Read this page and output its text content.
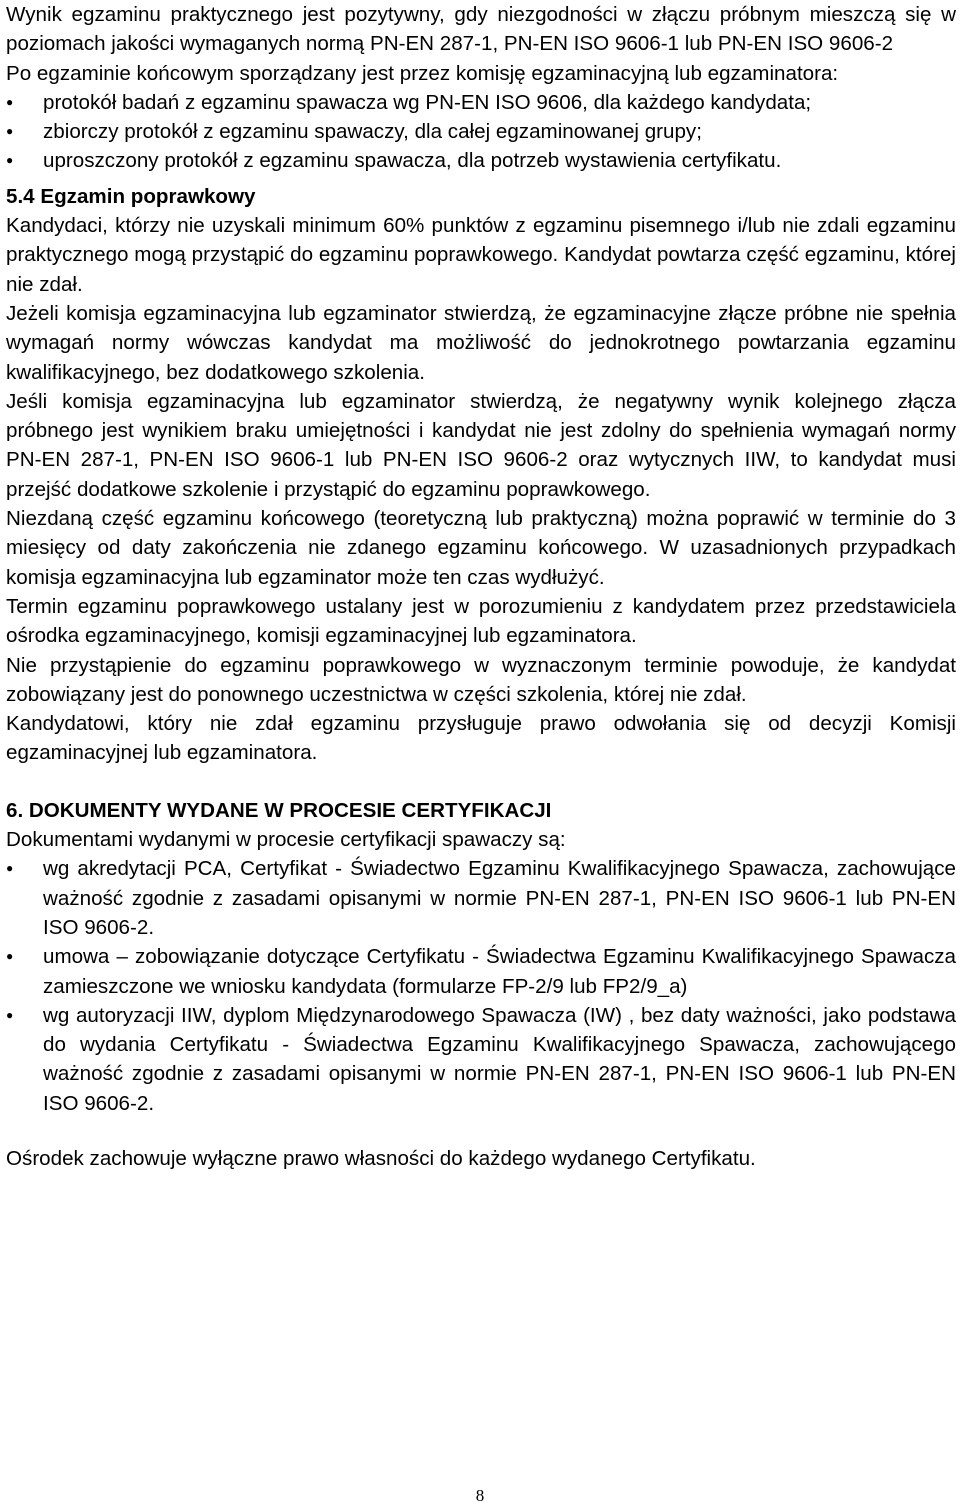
Wynik egzaminu praktycznego jest pozytywny, gdy niezgodności w złączu próbnym mieszczą się w poziomach jakości wymaganych normą PN-EN 287-1, PN-EN ISO 9606-1 lub PN-EN ISO 9606-2

Po egzaminie końcowym sporządzany jest przez komisję egzaminacyjną lub egzaminatora:

●	protokół badań z egzaminu spawacza wg PN-EN ISO 9606, dla każdego kandydata;
●	zbiorczy protokół z egzaminu spawaczy, dla całej egzaminowanej grupy;
●	uproszczony protokół z egzaminu spawacza, dla potrzeb wystawienia certyfikatu.

5.4 Egzamin poprawkowy

Kandydaci, którzy nie uzyskali minimum 60% punktów z egzaminu pisemnego i/lub nie zdali egzaminu praktycznego mogą przystąpić do egzaminu poprawkowego. Kandydat powtarza część egzaminu, której nie zdał.

Jeżeli komisja egzaminacyjna lub egzaminator stwierdzą, że egzaminacyjne złącze próbne nie spełnia wymagań normy wówczas kandydat ma możliwość do jednokrotnego powtarzania egzaminu kwalifikacyjnego, bez dodatkowego szkolenia.

Jeśli komisja egzaminacyjna lub egzaminator stwierdzą, że negatywny wynik kolejnego złącza próbnego jest wynikiem braku umiejętności i kandydat nie jest zdolny do spełnienia wymagań normy PN-EN 287-1, PN-EN ISO 9606-1 lub PN-EN ISO 9606-2 oraz wytycznych IIW, to kandydat musi przejść dodatkowe szkolenie i przystąpić do egzaminu poprawkowego.

Niezdaną część egzaminu końcowego (teoretyczną lub praktyczną) można poprawić w terminie do 3 miesięcy od daty zakończenia nie zdanego egzaminu końcowego. W uzasadnionych przypadkach komisja egzaminacyjna lub egzaminator może ten czas wydłużyć.

Termin egzaminu poprawkowego ustalany jest w porozumieniu z kandydatem przez przedstawiciela ośrodka egzaminacyjnego, komisji egzaminacyjnej lub egzaminatora.

Nie przystąpienie do egzaminu poprawkowego w wyznaczonym terminie powoduje, że kandydat zobowiązany jest do ponownego uczestnictwa w części szkolenia, której nie zdał.

Kandydatowi, który nie zdał egzaminu przysługuje prawo odwołania się od decyzji Komisji egzaminacyjnej lub egzaminatora.

6. DOKUMENTY WYDANE W PROCESIE CERTYFIKACJI

Dokumentami wydanymi w procesie certyfikacji spawaczy są:

●	wg akredytacji PCA, Certyfikat - Świadectwo Egzaminu Kwalifikacyjnego Spawacza, zachowujące ważność zgodnie z zasadami opisanymi w normie PN-EN 287-1, PN-EN ISO 9606-1 lub PN-EN ISO 9606-2.
●	umowa – zobowiązanie dotyczące Certyfikatu - Świadectwa Egzaminu Kwalifikacyjnego Spawacza zamieszczone we wniosku kandydata (formularze FP-2/9 lub FP2/9_a)
●	wg autoryzacji IIW, dyplom Międzynarodowego Spawacza (IW) , bez daty ważności, jako podstawa do wydania Certyfikatu - Świadectwa Egzaminu Kwalifikacyjnego Spawacza, zachowującego ważność zgodnie z zasadami opisanymi w normie PN-EN 287-1, PN-EN ISO 9606-1 lub PN-EN ISO 9606-2.

Ośrodek zachowuje wyłączne prawo własności do każdego wydanego Certyfikatu.

8
